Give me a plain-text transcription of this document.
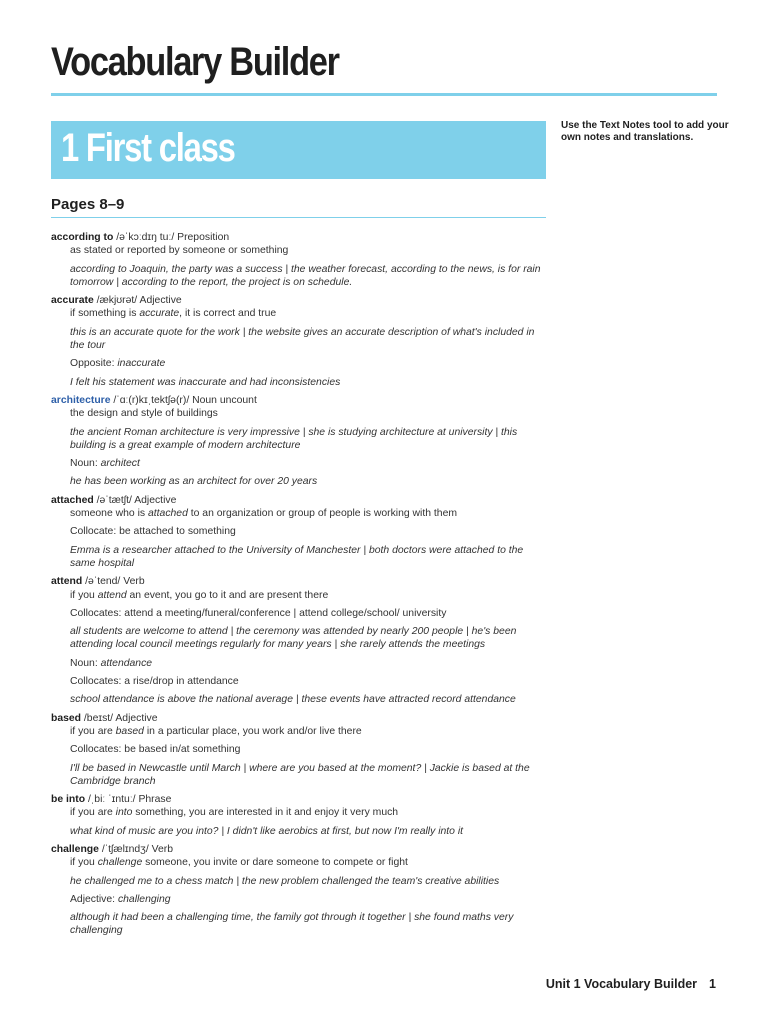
Vocabulary Builder
Use the Text Notes tool to add your own notes and translations.
1 First class
Pages 8–9
according to /əˈkɔːdɪŋ tuː/ Preposition
as stated or reported by someone or something
according to Joaquin, the party was a success | the weather forecast, according to the news, is for rain tomorrow | according to the report, the project is on schedule.
accurate /ækjʊrət/ Adjective
if something is accurate, it is correct and true
this is an accurate quote for the work | the website gives an accurate description of what's included in the tour
Opposite: inaccurate
I felt his statement was inaccurate and had inconsistencies
architecture /ˈɑː(r)kɪˌtektʃə(r)/ Noun uncount
the design and style of buildings
the ancient Roman architecture is very impressive | she is studying architecture at university | this building is a great example of modern architecture
Noun: architect
he has been working as an architect for over 20 years
attached /əˈtætʃt/ Adjective
someone who is attached to an organization or group of people is working with them
Collocate: be attached to something
Emma is a researcher attached to the University of Manchester | both doctors were attached to the same hospital
attend /əˈtend/ Verb
if you attend an event, you go to it and are present there
Collocates: attend a meeting/funeral/conference | attend college/school/ university
all students are welcome to attend | the ceremony was attended by nearly 200 people | he's been attending local council meetings regularly for many years | she rarely attends the meetings
Noun: attendance
Collocates: a rise/drop in attendance
school attendance is above the national average | these events have attracted record attendance
based /beɪst/ Adjective
if you are based in a particular place, you work and/or live there
Collocates: be based in/at something
I'll be based in Newcastle until March | where are you based at the moment? | Jackie is based at the Cambridge branch
be into /ˌbiː ˈɪntuː/ Phrase
if you are into something, you are interested in it and enjoy it very much
what kind of music are you into? | I didn't like aerobics at first, but now I'm really into it
challenge /ˈtʃælɪndʒ/ Verb
if you challenge someone, you invite or dare someone to compete or fight
he challenged me to a chess match | the new problem challenged the team's creative abilities
Adjective: challenging
although it had been a challenging time, the family got through it together | she found maths very challenging
Unit 1 Vocabulary Builder 1
